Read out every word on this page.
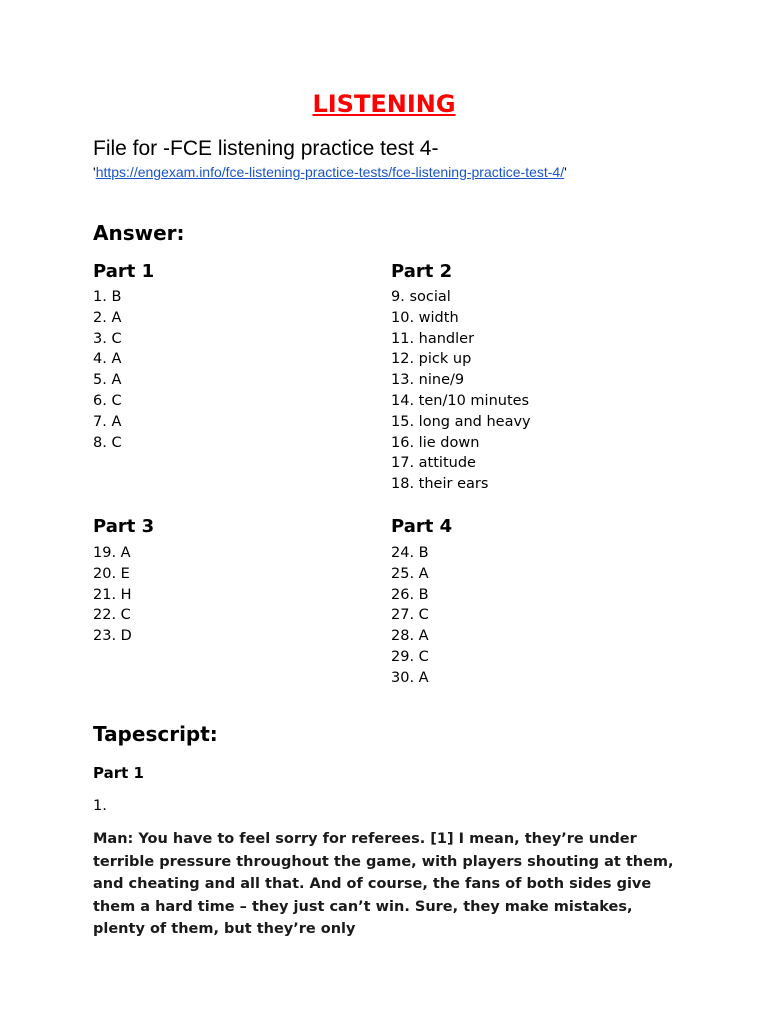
LISTENING
File for -FCE listening practice test 4-
'https://engexam.info/fce-listening-practice-tests/fce-listening-practice-test-4/'
Answer:
Part 1
1. B
2. A
3. C
4. A
5. A
6. C
7. A
8. C
Part 2
9. social
10. width
11. handler
12. pick up
13. nine/9
14. ten/10 minutes
15. long and heavy
16. lie down
17. attitude
18. their ears
Part 3
19. A
20. E
21. H
22. C
23. D
Part 4
24. B
25. A
26. B
27. C
28. A
29. C
30. A
Tapescript:
Part 1
1.
Man: You have to feel sorry for referees. [1] I mean, they’re under terrible pressure throughout the game, with players shouting at them, and cheating and all that. And of course, the fans of both sides give them a hard time – they just can’t win. Sure, they make mistakes, plenty of them, but they’re only
